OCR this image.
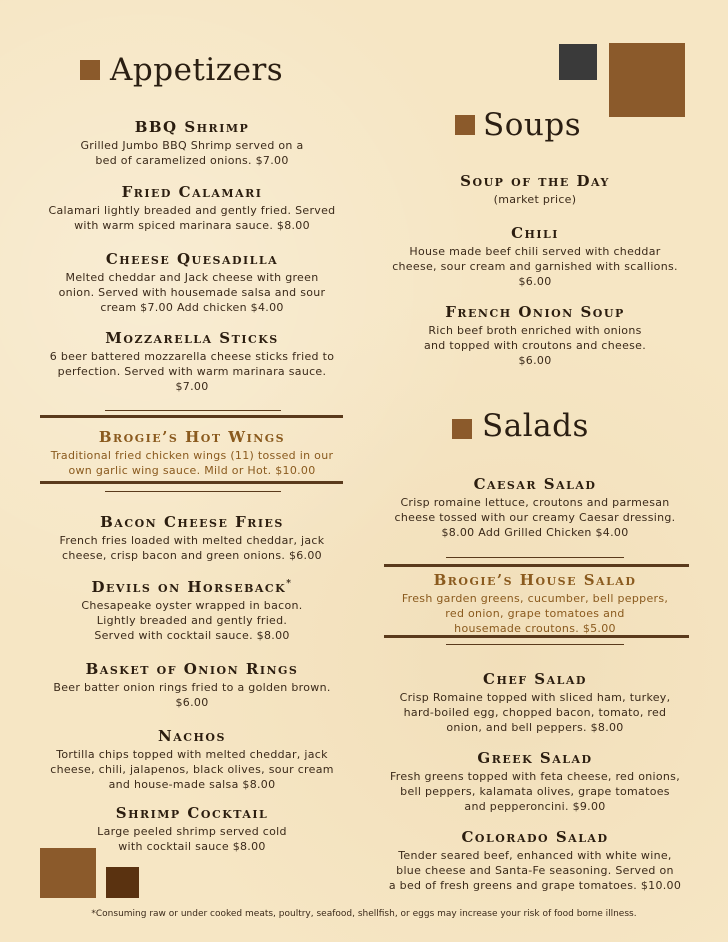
Appetizers
Soups
Salads
BBQ Shrimp
Grilled Jumbo BBQ Shrimp served on a
bed of caramelized onions. $7.00
Fried Calamari
Calamari lightly breaded and gently fried. Served
with warm spiced marinara sauce. $8.00
Cheese Quesadilla
Melted cheddar and Jack cheese with green
onion. Served with housemade salsa and sour
cream $7.00 Add chicken $4.00
Mozzarella Sticks
6 beer battered mozzarella cheese sticks fried to
perfection. Served with warm marinara sauce.
$7.00
Brogie’s Hot Wings
Traditional fried chicken wings (11) tossed in our
own garlic wing sauce. Mild or Hot. $10.00
Bacon Cheese Fries
French fries loaded with melted cheddar, jack
cheese, crisp bacon and green onions. $6.00
Devils on Horseback*
Chesapeake oyster wrapped in bacon.
Lightly breaded and gently fried.
Served with cocktail sauce. $8.00
Basket of Onion Rings
Beer batter onion rings fried to a golden brown.
$6.00
Nachos
Tortilla chips topped with melted cheddar, jack
cheese, chili, jalapenos, black olives, sour cream
and house-made salsa $8.00
Shrimp Cocktail
Large peeled shrimp served cold
with cocktail sauce $8.00
Soup of the Day
(market price)
Chili
House made beef chili served with cheddar
cheese, sour cream and garnished with scallions.
$6.00
French Onion Soup
Rich beef broth enriched with onions
and topped with croutons and cheese.
$6.00
Caesar Salad
Crisp romaine lettuce, croutons and parmesan
cheese tossed with our creamy Caesar dressing.
$8.00 Add Grilled Chicken $4.00
Brogie’s House Salad
Fresh garden greens, cucumber, bell peppers,
red onion, grape tomatoes and
housemade croutons. $5.00
Chef Salad
Crisp Romaine topped with sliced ham, turkey,
hard-boiled egg, chopped bacon, tomato, red
onion, and bell peppers. $8.00
Greek Salad
Fresh greens topped with feta cheese, red onions,
bell peppers, kalamata olives, grape tomatoes
and pepperoncini. $9.00
Colorado Salad
Tender seared beef, enhanced with white wine,
blue cheese and Santa-Fe seasoning. Served on
a bed of fresh greens and grape tomatoes. $10.00
*Consuming raw or under cooked meats, poultry, seafood, shellfish, or eggs may increase your risk of food borne illness.
